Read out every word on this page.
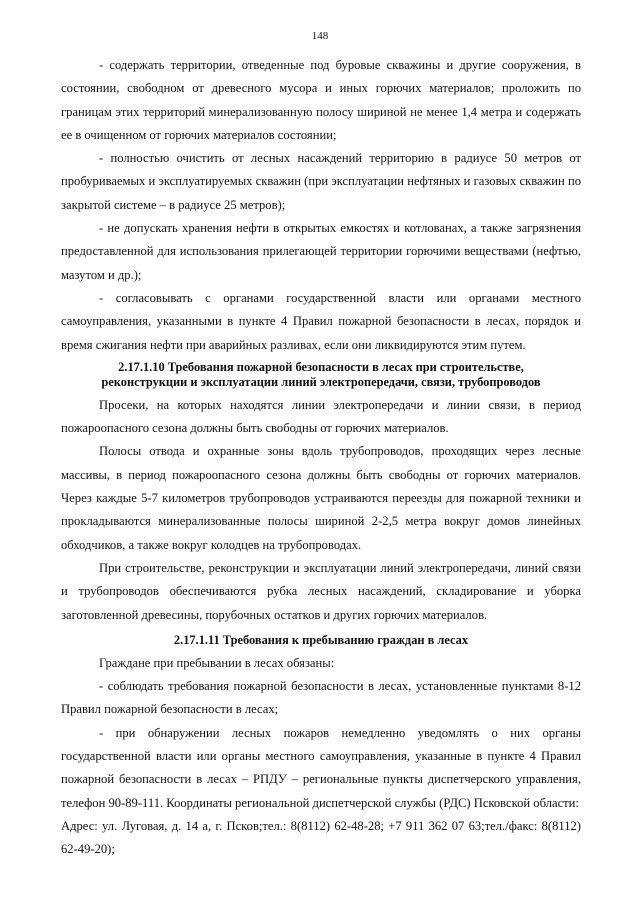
148

- содержать территории, отведенные под буровые скважины и другие сооружения, в состоянии, свободном от древесного мусора и иных горючих материалов; проложить по границам этих территорий минерализованную полосу шириной не менее 1,4 метра и содержать ее в очищенном от горючих материалов состоянии;

- полностью очистить от лесных насаждений территорию в радиусе 50 метров от пробуриваемых и эксплуатируемых скважин (при эксплуатации нефтяных и газовых скважин по закрытой системе – в радиусе 25 метров);

- не допускать хранения нефти в открытых емкостях и котлованах, а также загрязнения предоставленной для использования прилегающей территории горючими веществами (нефтью, мазутом и др.);

- согласовывать с органами государственной власти или органами местного самоуправления, указанными в пункте 4 Правил пожарной безопасности в лесах, порядок и время сжигания нефти при аварийных разливах, если они ликвидируются этим путем.

2.17.1.10 Требования пожарной безопасности в лесах при строительстве,
реконструкции и эксплуатации линий электропередачи, связи, трубопроводов

Просеки, на которых находятся линии электропередачи и линии связи, в период пожароопасного сезона должны быть свободны от горючих материалов.

Полосы отвода и охранные зоны вдоль трубопроводов, проходящих через лесные массивы, в период пожароопасного сезона должны быть свободны от горючих материалов. Через каждые 5-7 километров трубопроводов устраиваются переезды для пожарной техники и прокладываются минерализованные полосы шириной 2-2,5 метра вокруг домов линейных обходчиков, а также вокруг колодцев на трубопроводах.

При строительстве, реконструкции и эксплуатации линий электропередачи, линий связи и трубопроводов обеспечиваются рубка лесных насаждений, складирование и уборка заготовленной древесины, порубочных остатков и других горючих материалов.

2.17.1.11 Требования к пребыванию граждан в лесах

Граждане при пребывании в лесах обязаны:

- соблюдать требования пожарной безопасности в лесах, установленные пунктами 8-12 Правил пожарной безопасности в лесах;

- при обнаружении лесных пожаров немедленно уведомлять о них органы государственной власти или органы местного самоуправления, указанные в пункте 4 Правил пожарной безопасности в лесах – РПДУ – региональные пункты диспетчерского управления, телефон 90-89-111. Координаты региональной диспетчерской службы (РДС) Псковской области:

Адрес: ул. Луговая, д. 14 а, г. Псков;тел.: 8(8112) 62-48-28; +7 911 362 07 63;тел./факс: 8(8112) 62-49-20);
